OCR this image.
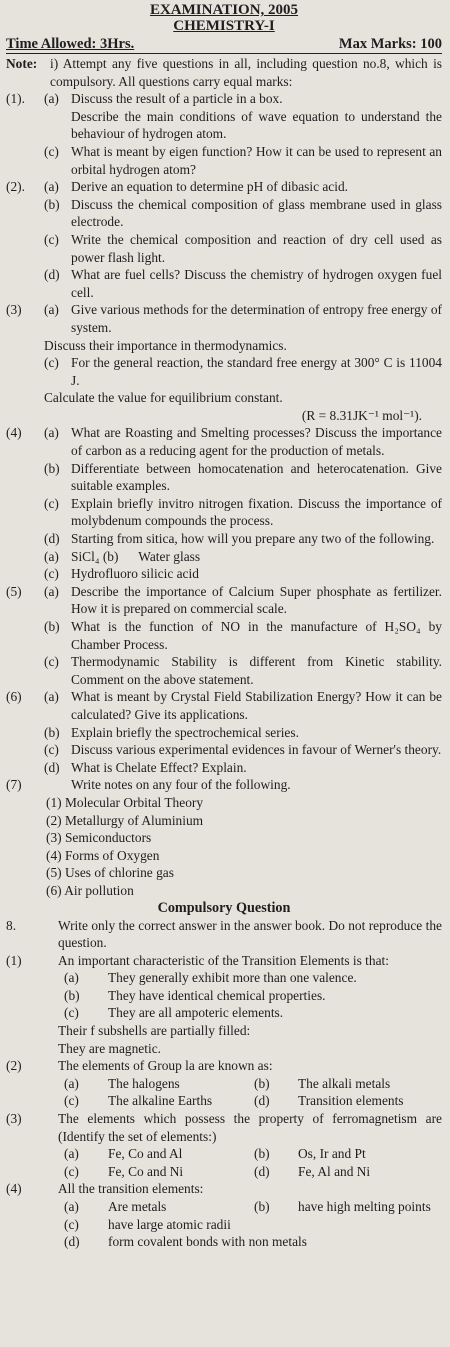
EXAMINATION, 2005
CHEMISTRY-I
Time Allowed: 3Hrs.	Max Marks: 100
Note: i) Attempt any five questions in all, including question no.8, which is compulsory. All questions carry equal marks:
(1).	(a) Discuss the result of a particle in a box.
Describe the main conditions of wave equation to understand the behaviour of hydrogen atom.
(c) What is meant by eigen function? How it can be used to represent an orbital hydrogen atom?
(2).	(a) Derive an equation to determine pH of dibasic acid.
(b) Discuss the chemical composition of glass membrane used in glass electrode.
(c) Write the chemical composition and reaction of dry cell used as power flash light.
(d) What are fuel cells? Discuss the chemistry of hydrogen oxygen fuel cell.
(3)	(a) Give various methods for the determination of entropy free energy of system.
Discuss their importance in thermodynamics.
(c) For the general reaction, the standard free energy at 300° C is 11004 J.
Calculate the value for equilibrium constant.
(R = 8.31JK⁻¹ mol⁻¹).
(4)	(a) What are Roasting and Smelting processes? Discuss the importance of carbon as a reducing agent for the production of metals.
(b) Differentiate between homocatenation and heterocatenation. Give suitable examples.
(c) Explain briefly invitro nitrogen fixation. Discuss the importance of molybdenum compounds the process.
(d) Starting from sitica, how will you prepare any two of the following.
(a) SiCl₄ (b)      Water glass
(c) Hydrofluoro silicic acid
(5)	(a) Describe the importance of Calcium Super phosphate as fertilizer. How it is prepared on commercial scale.
(b) What is the function of NO in the manufacture of H₂SO₄ by Chamber Process.
(c) Thermodynamic Stability is different from Kinetic stability. Comment on the above statement.
(6)	(a) What is meant by Crystal Field Stabilization Energy? How it can be calculated? Give its applications.
(b) Explain briefly the spectrochemical series.
(c) Discuss various experimental evidences in favour of Werner's theory.
(d) What is Chelate Effect? Explain.
(7)	Write notes on any four of the following.
(1) Molecular Orbital Theory
(2) Metallurgy of Aluminium
(3) Semiconductors
(4) Forms of Oxygen
(5) Uses of chlorine gas
(6) Air pollution
Compulsory Question
8.	Write only the correct answer in the answer book. Do not reproduce the question.
(1)	An important characteristic of the Transition Elements is that:
(a)	They generally exhibit more than one valence.
(b)	They have identical chemical properties.
(c)	They are all ampoteric elements.
Their f subshells are partially filled:
They are magnetic.
(2)	The elements of Group la are known as:
(a)	The halogens	(b)	The alkali metals
(c)	The alkaline Earths	(d)	Transition elements
(3)	The elements which possess the property of ferromagnetism are (Identify the set of elements:)
(a)	Fe, Co and Al	(b)	Os, Ir and Pt
(c)	Fe, Co and Ni	(d)	Fe, Al and Ni
(4)	All the transition elements:
(a)	Are metals	(b)	have high melting points
(c)	have large atomic radii
(d)	form covalent bonds with non metals
